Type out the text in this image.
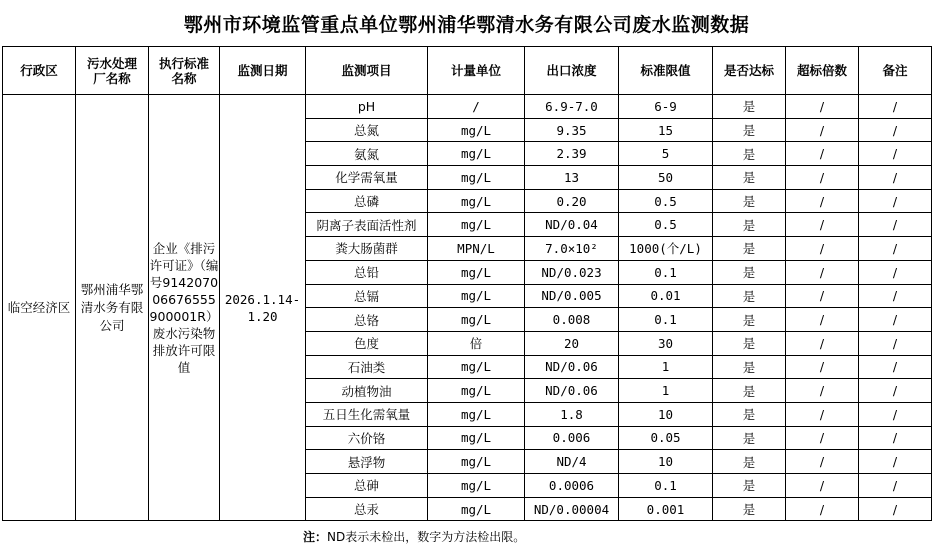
鄂州市环境监管重点单位鄂州浦华鄂清水务有限公司废水监测数据
行政区	污水处理厂名称	执行标准名称	监测日期	监测项目	计量单位	出口浓度	标准限值	是否达标	超标倍数	备注
临空经济区	鄂州浦华鄂清水务有限公司	企业《排污许可证》（编号914207006676555900001R）废水污染物排放许可限值	2026.1.14-1.20	pH	/	6.9-7.0	6-9	是	/	/
				总氮	mg/L	9.35	15	是	/	/
				氨氮	mg/L	2.39	5	是	/	/
				化学需氧量	mg/L	13	50	是	/	/
				总磷	mg/L	0.20	0.5	是	/	/
				阴离子表面活性剂	mg/L	ND/0.04	0.5	是	/	/
				粪大肠菌群	MPN/L	7.0×10²	1000(个/L)	是	/	/
				总铅	mg/L	ND/0.023	0.1	是	/	/
				总镉	mg/L	ND/0.005	0.01	是	/	/
				总铬	mg/L	0.008	0.1	是	/	/
				色度	倍	20	30	是	/	/
				石油类	mg/L	ND/0.06	1	是	/	/
				动植物油	mg/L	ND/0.06	1	是	/	/
				五日生化需氧量	mg/L	1.8	10	是	/	/
				六价铬	mg/L	0.006	0.05	是	/	/
				悬浮物	mg/L	ND/4	10	是	/	/
				总砷	mg/L	0.0006	0.1	是	/	/
				总汞	mg/L	ND/0.00004	0.001	是	/	/
注：ND表示未检出，数字为方法检出限。
